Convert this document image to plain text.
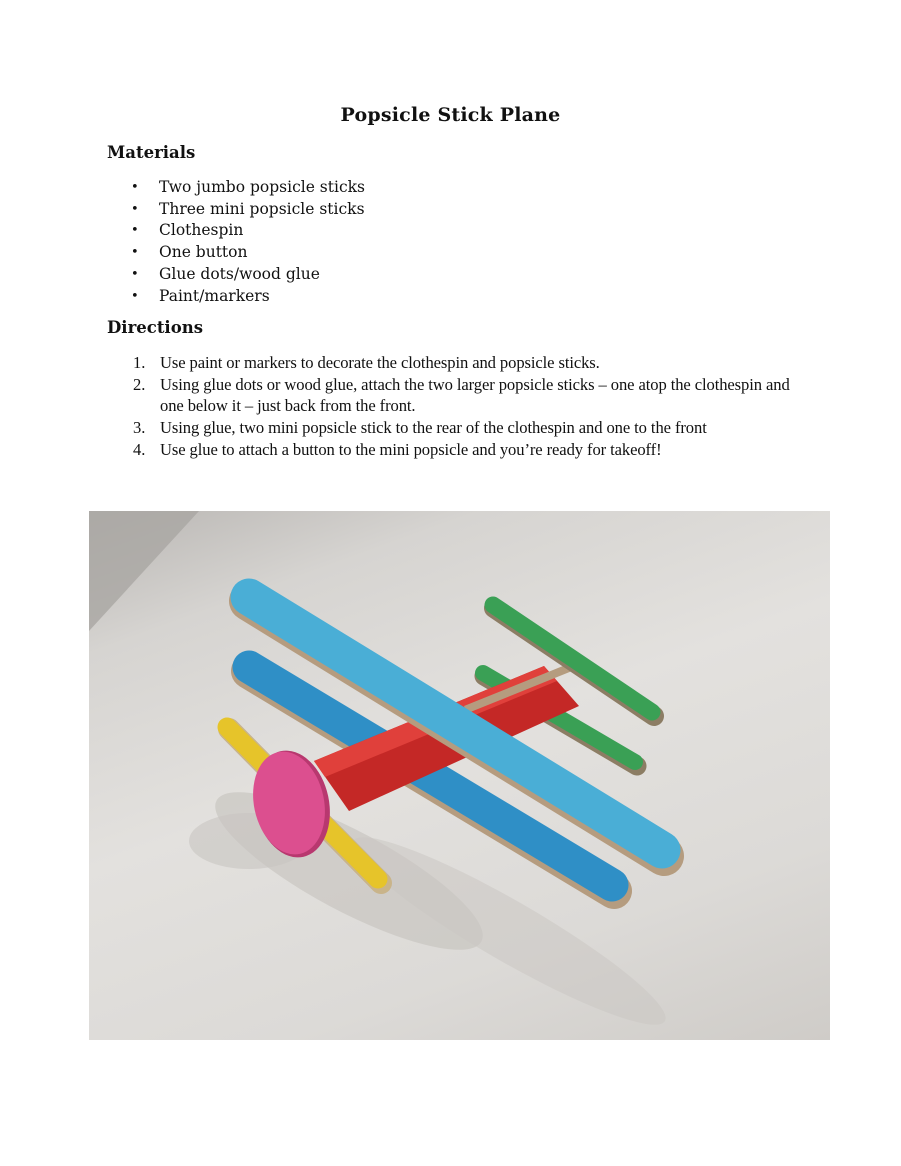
Popsicle Stick Plane
Materials
• Two jumbo popsicle sticks
• Three mini popsicle sticks
• Clothespin
• One button
• Glue dots/wood glue
• Paint/markers
Directions
1. Use paint or markers to decorate the clothespin and popsicle sticks.
2. Using glue dots or wood glue, attach the two larger popsicle sticks – one atop the clothespin and one below it – just back from the front.
3. Using glue, two mini popsicle stick to the rear of the clothespin and one to the front
4. Use glue to attach a button to the mini popsicle and you’re ready for takeoff!
